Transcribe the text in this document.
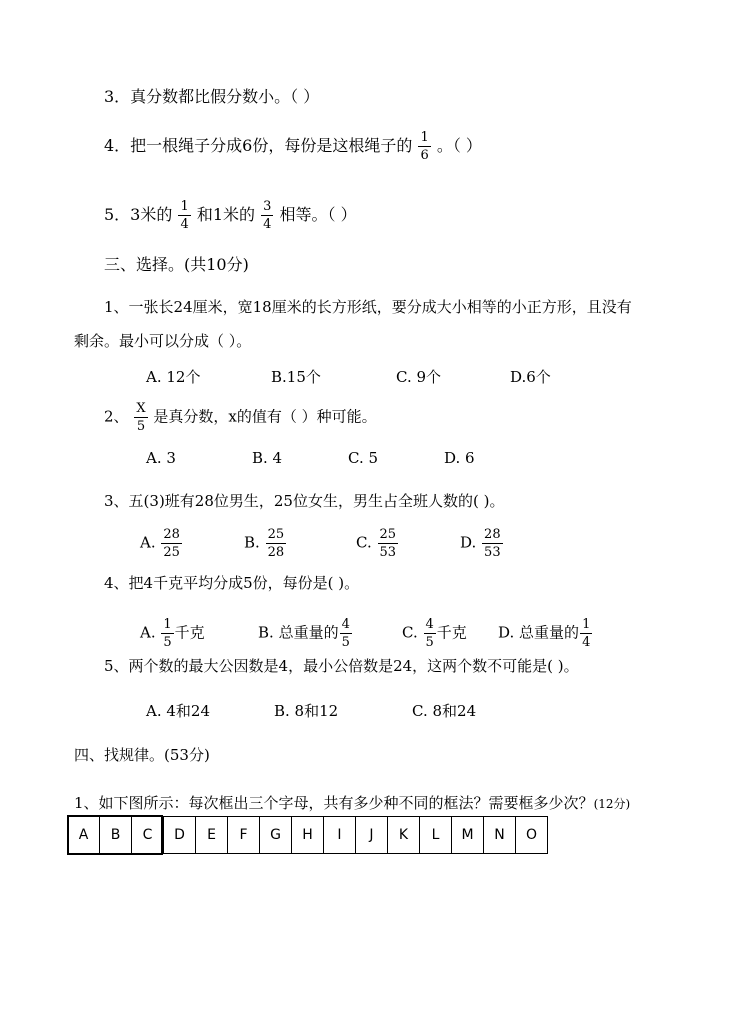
3．真分数都比假分数小。（ ）
4．把一根绳子分成6份，每份是这根绳子的 $\frac{1}{6}$ 。（ ）
5．3米的 $\frac{1}{4}$ 和1米的 $\frac{3}{4}$ 相等。（ ）
三、选择。(共10分)
1、一张长24厘米，宽18厘米的长方形纸，要分成大小相等的小正方形，且没有
剩余。最小可以分成（ ）。
A. 12个	B.15个	C. 9个	D.6个
2、 $\frac{X}{5}$ 是真分数，x的值有（ ）种可能。
A. 3	B. 4	C. 5	D. 6
3、五(3)班有28位男生，25位女生，男生占全班人数的( )。
A. $\frac{28}{25}$	B. $\frac{25}{28}$	C. $\frac{25}{53}$	D. $\frac{28}{53}$
4、把4千克平均分成5份，每份是( )。
A. $\frac{1}{5}$ 千克	B. 总重量的 $\frac{4}{5}$	C. $\frac{4}{5}$ 千克 D. 总重量的 $\frac{1}{4}$
5、两个数的最大公因数是4，最小公倍数是24，这两个数不可能是( )。
A. 4和24	B. 8和12	C. 8和24
四、找规律。(53分)
1、如下图所示：每次框出三个字母，共有多少种不同的框法？需要框多少次？(12分)
A	B	C	D	E	F	G	H	I	J	K	L	M	N	O
